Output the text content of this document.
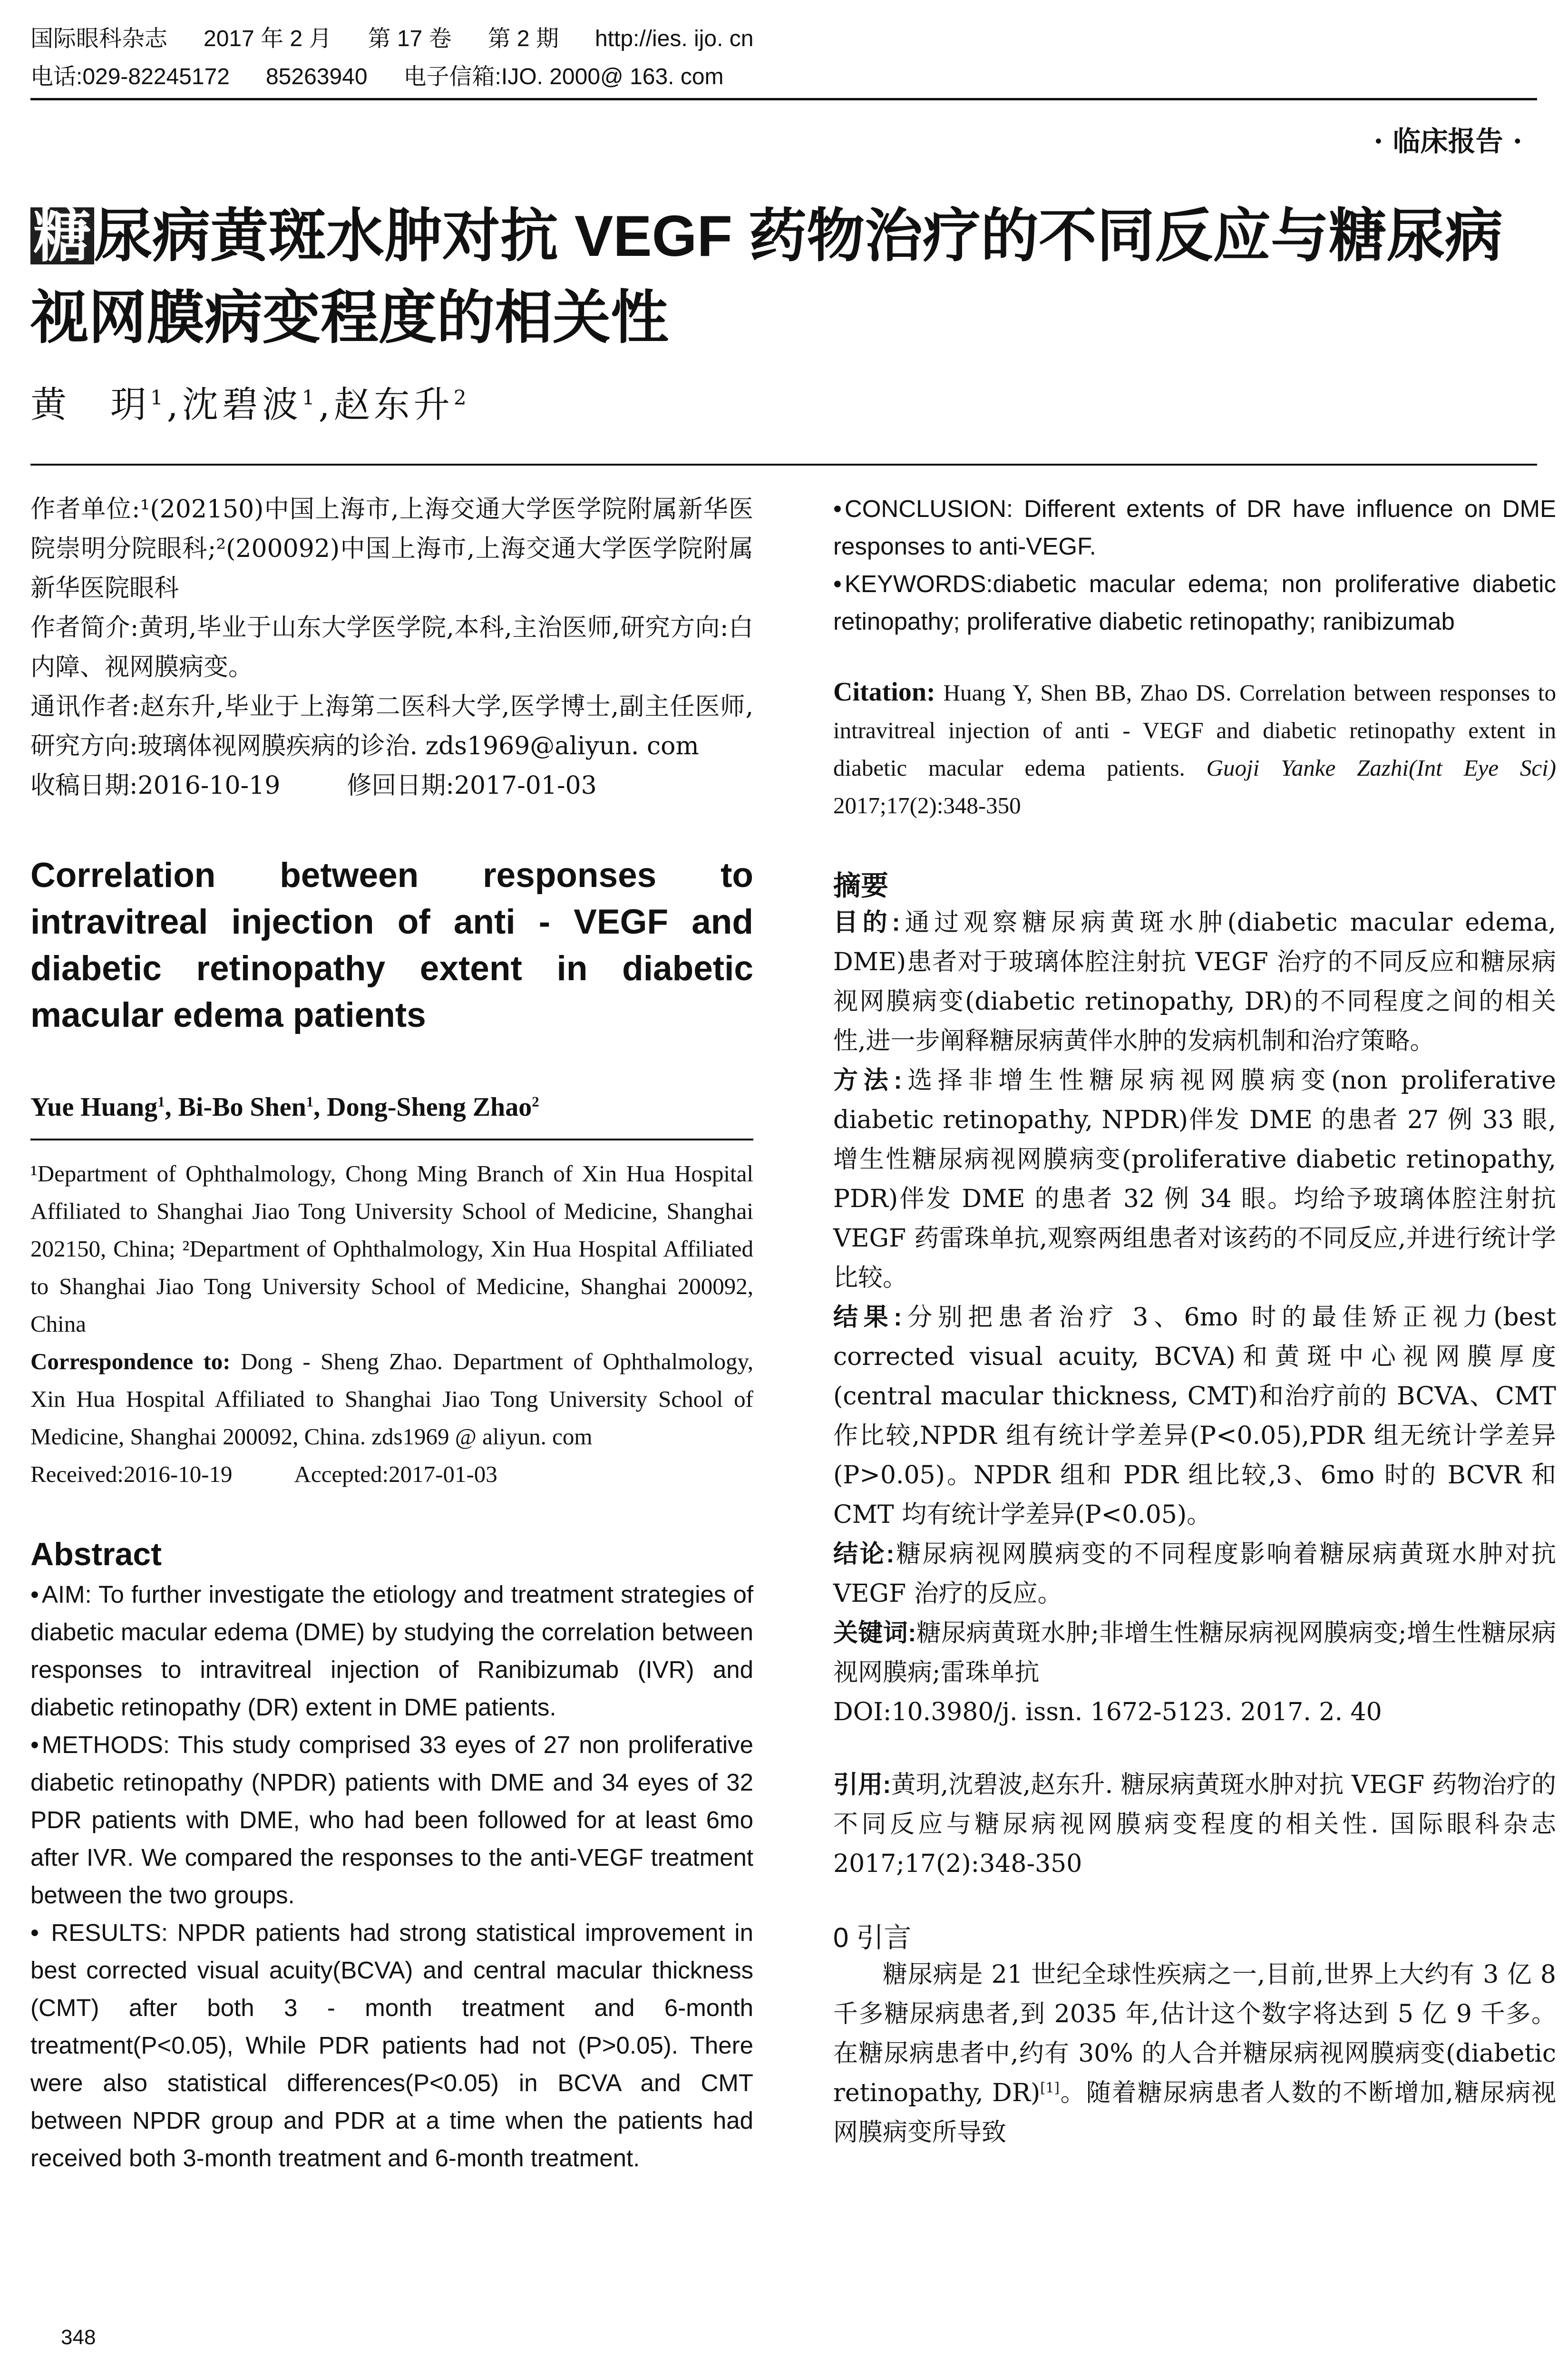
国际眼科杂志 2017 年 2 月 第 17 卷 第 2 期 http://ies. ijo. cn
电话:029-82245172 85263940 电子信箱:IJO. 2000@ 163. com
· 临床报告 ·
糖尿病黄斑水肿对抗 VEGF 药物治疗的不同反应与糖尿病视网膜病变程度的相关性
黄　玥$^1$,沈碧波$^1$,赵东升$^2$

作者单位:¹(202150)中国上海市,上海交通大学医学院附属新华医院崇明分院眼科;²(200092)中国上海市,上海交通大学医学院附属新华医院眼科

作者简介:黄玥,毕业于山东大学医学院,本科,主治医师,研究方向:白内障、视网膜病变。

通讯作者:赵东升,毕业于上海第二医科大学,医学博士,副主任医师,研究方向:玻璃体视网膜疾病的诊治. zds1969@aliyun. com

收稿日期:2016-10-19	修回日期:2017-01-03

Correlation between responses to intravitreal injection of anti - VEGF and diabetic retinopathy extent in diabetic macular edema patients

Yue Huang$^1$, Bi-Bo Shen$^1$, Dong-Sheng Zhao$^2$

¹Department of Ophthalmology, Chong Ming Branch of Xin Hua Hospital Affiliated to Shanghai Jiao Tong University School of Medicine, Shanghai 202150, China; ²Department of Ophthalmology, Xin Hua Hospital Affiliated to Shanghai Jiao Tong University School of Medicine, Shanghai 200092, China

Correspondence to: Dong - Sheng Zhao. Department of Ophthalmology, Xin Hua Hospital Affiliated to Shanghai Jiao Tong University School of Medicine, Shanghai 200092, China. zds1969 @ aliyun. com

Received:2016-10-19	Accepted:2017-01-03

Abstract

• AIM: To further investigate the etiology and treatment strategies of diabetic macular edema (DME) by studying the correlation between responses to intravitreal injection of Ranibizumab (IVR) and diabetic retinopathy (DR) extent in DME patients.

• METHODS: This study comprised 33 eyes of 27 non proliferative diabetic retinopathy (NPDR) patients with DME and 34 eyes of 32 PDR patients with DME, who had been followed for at least 6mo after IVR. We compared the responses to the anti-VEGF treatment between the two groups.

• RESULTS: NPDR patients had strong statistical improvement in best corrected visual acuity(BCVA) and central macular thickness (CMT) after both 3 - month treatment and 6-month treatment(P<0.05), While PDR patients had not (P>0.05). There were also statistical differences(P<0.05) in BCVA and CMT between NPDR group and PDR at a time when the patients had received both 3-month treatment and 6-month treatment.

• CONCLUSION: Different extents of DR have influence on DME responses to anti-VEGF.

• KEYWORDS:diabetic macular edema; non proliferative diabetic retinopathy; proliferative diabetic retinopathy; ranibizumab

Citation: Huang Y, Shen BB, Zhao DS. Correlation between responses to intravitreal injection of anti - VEGF and diabetic retinopathy extent in diabetic macular edema patients. Guoji Yanke Zazhi(Int Eye Sci) 2017;17(2):348-350

摘要

目的:通过观察糖尿病黄斑水肿(diabetic macular edema, DME)患者对于玻璃体腔注射抗 VEGF 治疗的不同反应和糖尿病视网膜病变(diabetic retinopathy, DR)的不同程度之间的相关性,进一步阐释糖尿病黄伴水肿的发病机制和治疗策略。

方法:选择非增生性糖尿病视网膜病变(non proliferative diabetic retinopathy, NPDR)伴发 DME 的患者 27 例 33 眼,增生性糖尿病视网膜病变(proliferative diabetic retinopathy, PDR)伴发 DME 的患者 32 例 34 眼。均给予玻璃体腔注射抗 VEGF 药雷珠单抗,观察两组患者对该药的不同反应,并进行统计学比较。

结果:分别把患者治疗 3、6mo 时的最佳矫正视力(best corrected visual acuity, BCVA)和黄斑中心视网膜厚度(central macular thickness, CMT)和治疗前的 BCVA、CMT 作比较,NPDR 组有统计学差异(P<0.05),PDR 组无统计学差异(P>0.05)。NPDR 组和 PDR 组比较,3、6mo 时的 BCVR 和 CMT 均有统计学差异(P<0.05)。

结论:糖尿病视网膜病变的不同程度影响着糖尿病黄斑水肿对抗 VEGF 治疗的反应。

关键词:糖尿病黄斑水肿;非增生性糖尿病视网膜病变;增生性糖尿病视网膜病;雷珠单抗

DOI:10.3980/j. issn. 1672-5123. 2017. 2. 40

引用:黄玥,沈碧波,赵东升. 糖尿病黄斑水肿对抗 VEGF 药物治疗的不同反应与糖尿病视网膜病变程度的相关性. 国际眼科杂志 2017;17(2):348-350

0 引言

糖尿病是 21 世纪全球性疾病之一,目前,世界上大约有 3 亿 8 千多糖尿病患者,到 2035 年,估计这个数字将达到 5 亿 9 千多。在糖尿病患者中,约有 30% 的人合并糖尿病视网膜病变(diabetic retinopathy, DR)[1]。随着糖尿病患者人数的不断增加,糖尿病视网膜病变所导致

348
